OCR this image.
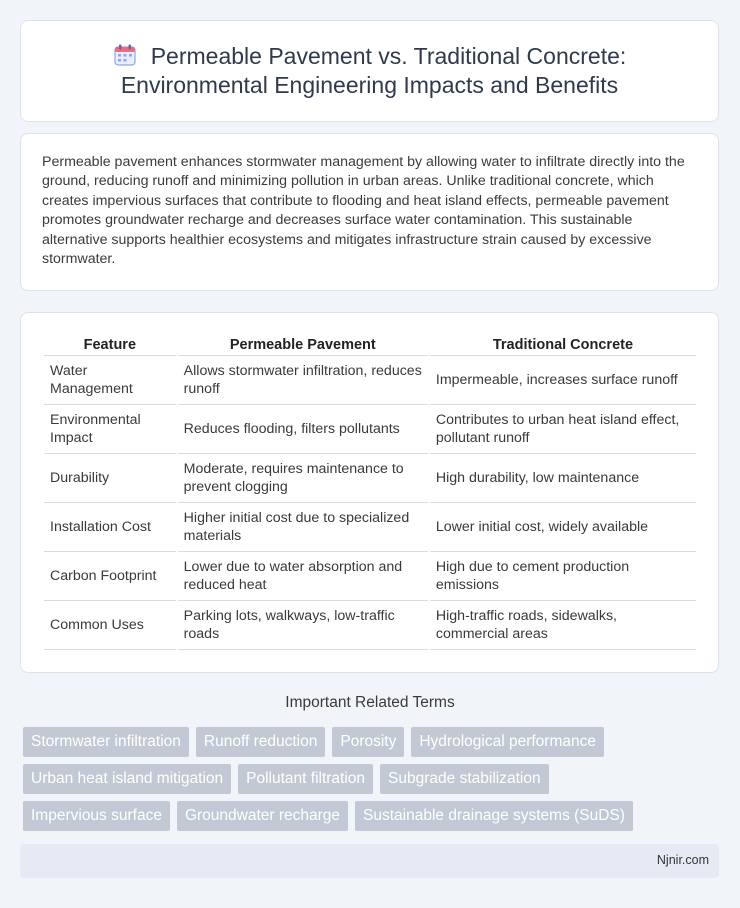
Permeable Pavement vs. Traditional Concrete:
Environmental Engineering Impacts and Benefits

Permeable pavement enhances stormwater management by allowing water to infiltrate directly into the ground, reducing runoff and minimizing pollution in urban areas. Unlike traditional concrete, which creates impervious surfaces that contribute to flooding and heat island effects, permeable pavement promotes groundwater recharge and decreases surface water contamination. This sustainable alternative supports healthier ecosystems and mitigates infrastructure strain caused by excessive stormwater.

Feature	Permeable Pavement	Traditional Concrete
Water Management	Allows stormwater infiltration, reduces runoff	Impermeable, increases surface runoff
Environmental Impact	Reduces flooding, filters pollutants	Contributes to urban heat island effect, pollutant runoff
Durability	Moderate, requires maintenance to prevent clogging	High durability, low maintenance
Installation Cost	Higher initial cost due to specialized materials	Lower initial cost, widely available
Carbon Footprint	Lower due to water absorption and reduced heat	High due to cement production emissions
Common Uses	Parking lots, walkways, low-traffic roads	High-traffic roads, sidewalks, commercial areas
Important Related Terms
Stormwater infiltration	Runoff reduction	Porosity	Hydrological performance
Urban heat island mitigation	Pollutant filtration	Subgrade stabilization
Impervious surface	Groundwater recharge	Sustainable drainage systems (SuDS)
Njnir.com
